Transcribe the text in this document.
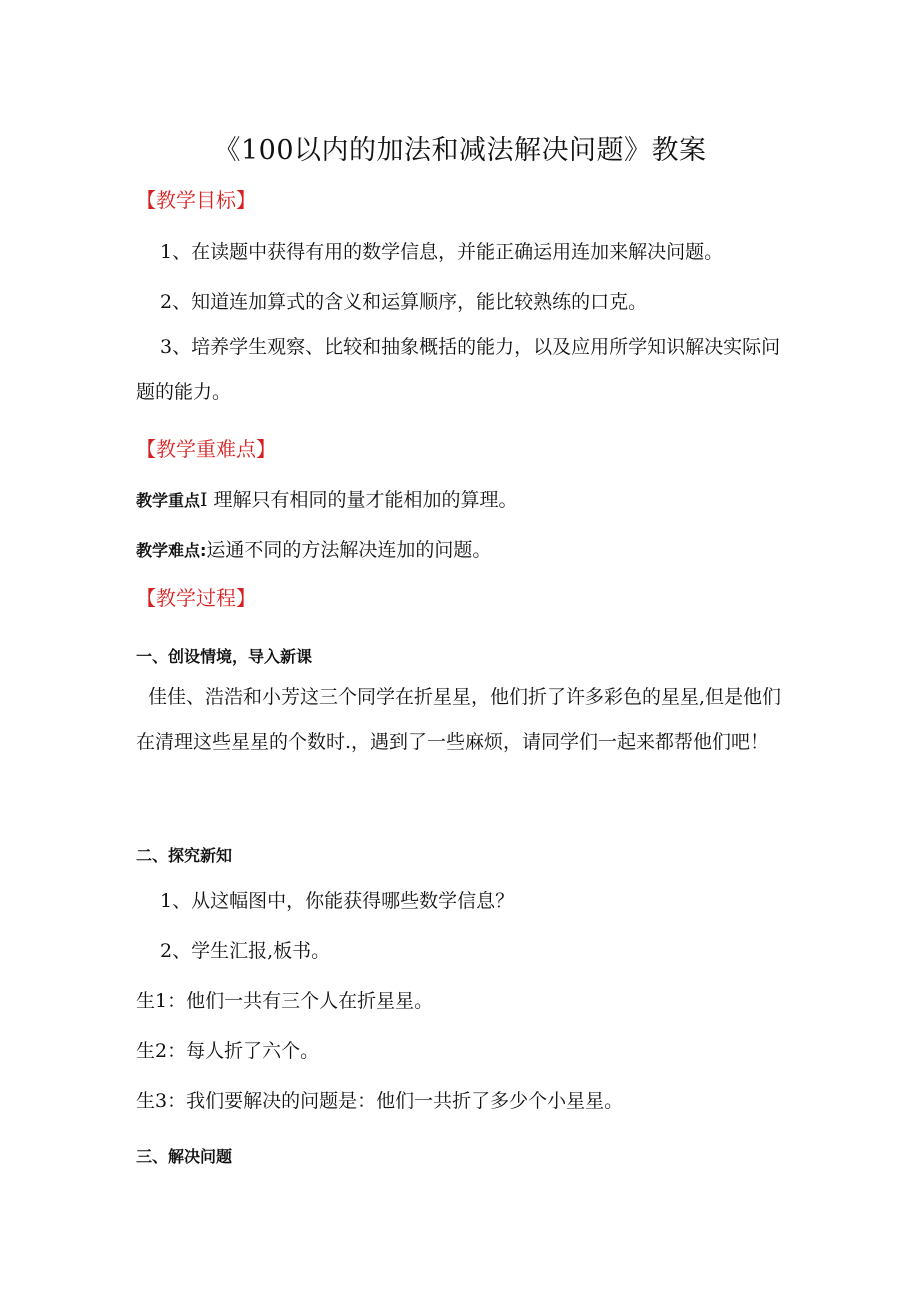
《100以内的加法和减法解决问题》教案
【教学目标】
1、在读题中获得有用的数学信息，并能正确运用连加来解决问题。
2、知道连加算式的含义和运算顺序，能比较熟练的口克。
3、培养学生观察、比较和抽象概括的能力，以及应用所学知识解决实际问题的能力。
【教学重难点】
教学重点I 理解只有相同的量才能相加的算理。
教学难点:运通不同的方法解决连加的问题。
【教学过程】
一、创设情境，导入新课
佳佳、浩浩和小芳这三个同学在折星星，他们折了许多彩色的星星,但是他们在清理这些星星的个数时.，遇到了一些麻烦，请同学们一起来都帮他们吧！
二、探究新知
1、从这幅图中，你能获得哪些数学信息？
2、学生汇报,板书。
生1：他们一共有三个人在折星星。
生2：每人折了六个。
生3：我们要解决的问题是：他们一共折了多少个小星星。
三、解决问题
